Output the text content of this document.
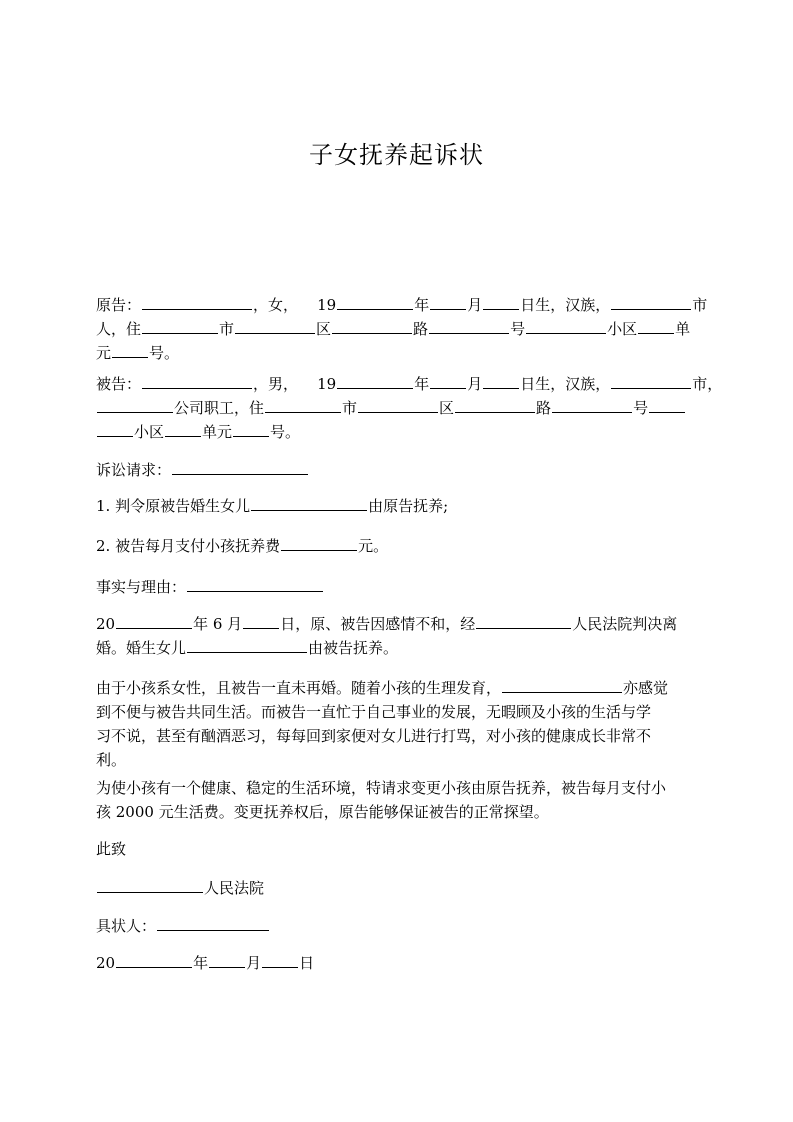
子女抚养起诉状
原告：	，女， 19	年	月	日生，汉族，	市
人，住	市	区	路	号	小区	单
元	号。
被告：	，男， 19	年	月	日生，汉族，	市，
公司职工，住	市	区	路	号
小区	单元	号。
诉讼请求：
1. 判令原被告婚生女儿	由原告抚养;
2. 被告每月支付小孩抚养费	元。
事实与理由：
20	年 6 月	日，原、被告因感情不和，经	人民法院判决离
婚。婚生女儿	由被告抚养。
由于小孩系女性，且被告一直未再婚。随着小孩的生理发育，	亦感觉
到不便与被告共同生活。而被告一直忙于自己事业的发展，无暇顾及小孩的生活与学
习不说，甚至有酗酒恶习，每每回到家便对女儿进行打骂，对小孩的健康成长非常不
利。
为使小孩有一个健康、稳定的生活环境，特请求变更小孩由原告抚养，被告每月支付小
孩 2000 元生活费。变更抚养权后，原告能够保证被告的正常探望。
此致
人民法院
具状人：
20	年	月	日
